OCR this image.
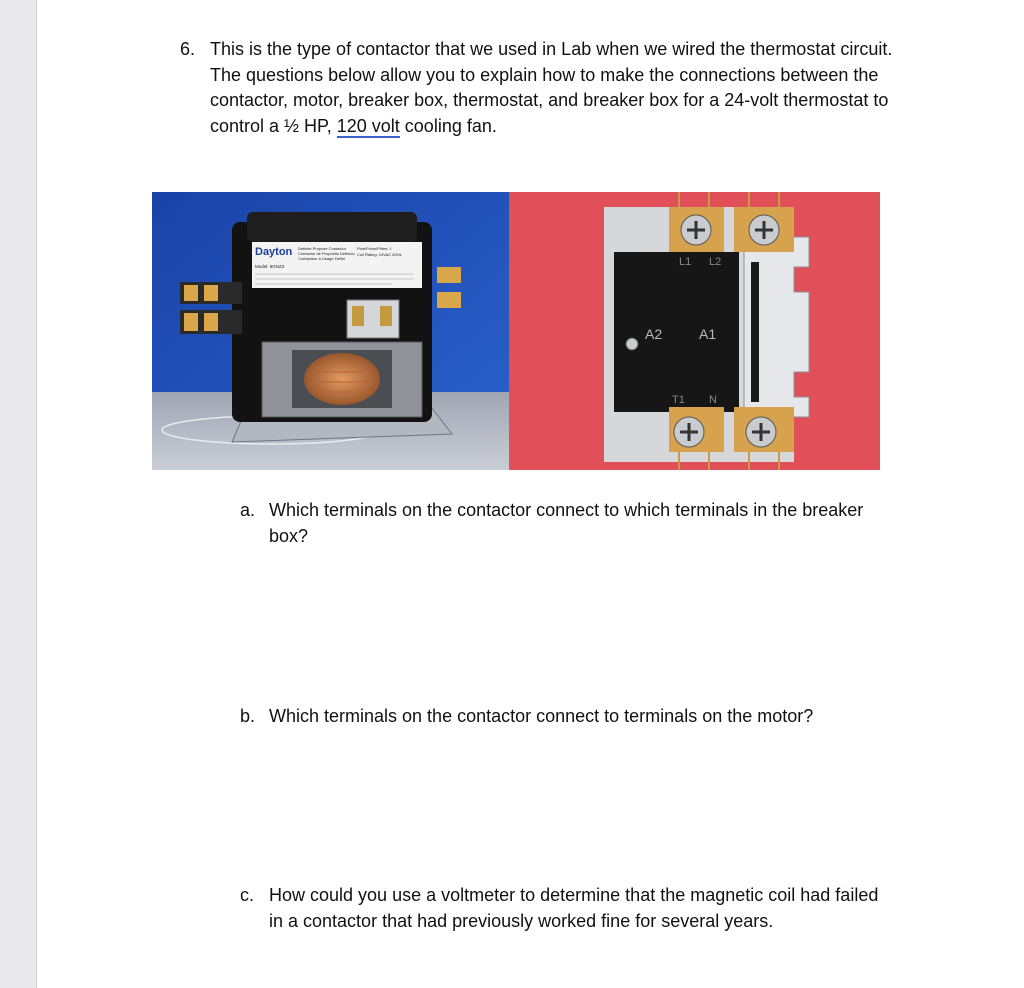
6. This is the type of contactor that we used in Lab when we wired the thermostat circuit. The questions below allow you to explain how to make the connections between the contactor, motor, breaker box, thermostat, and breaker box for a 24-volt thermostat to control a ½ HP, 120 volt cooling fan.
Dayton Definite Purpose Contactor
Contactor de Propósito Definido
Contacteur à Usage Défini
Model: 6GNZ3
Pole/Polos/Pôles: 1
Coil Rating: 24VAC 60Hz
L1 L2
A2	A1
T1 N
a. Which terminals on the contactor connect to which terminals in the breaker box?
b. Which terminals on the contactor connect to terminals on the motor?
c. How could you use a voltmeter to determine that the magnetic coil had failed in a contactor that had previously worked fine for several years.
